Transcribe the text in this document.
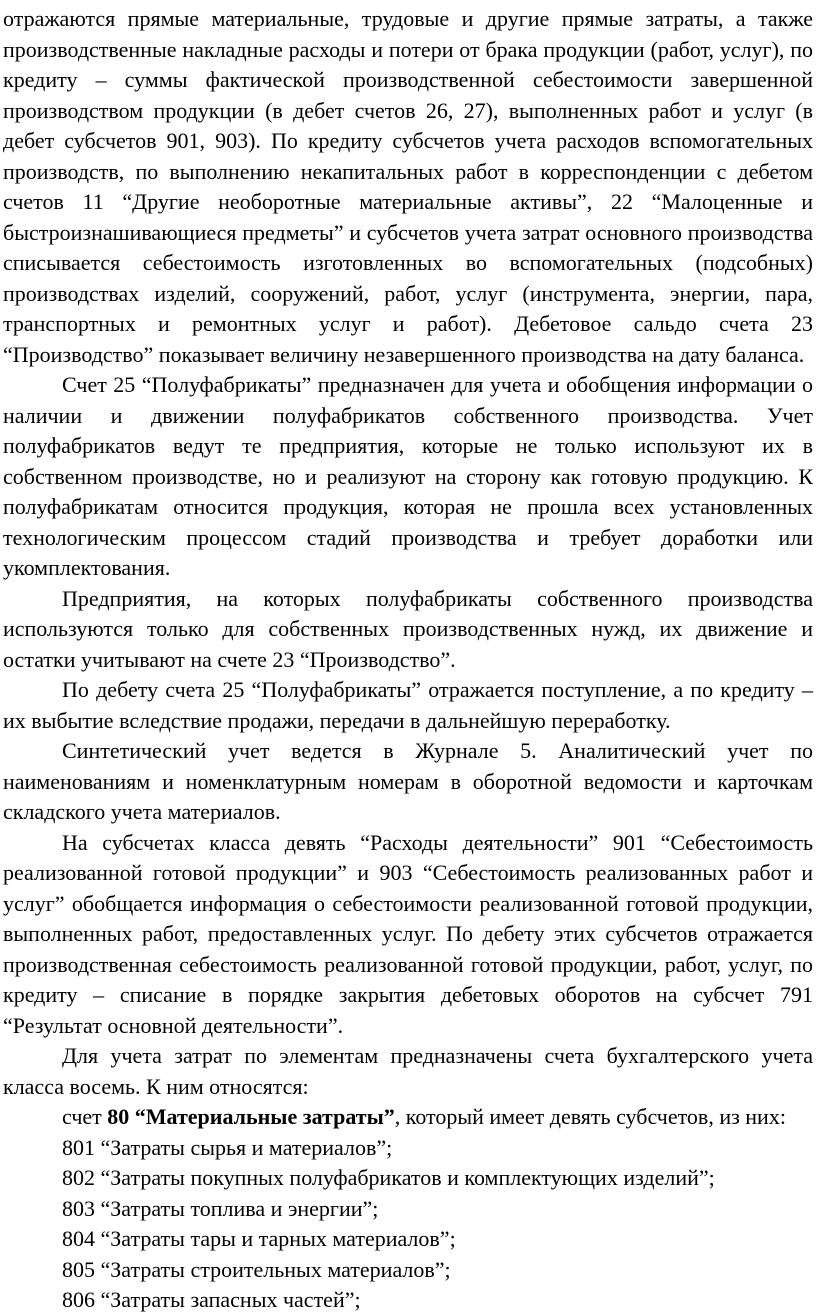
отражаются прямые материальные, трудовые и другие прямые затраты, а также производственные накладные расходы и потери от брака продукции (работ, услуг), по кредиту – суммы фактической производственной себестоимости завершенной производством продукции (в дебет счетов 26, 27), выполненных работ и услуг (в дебет субсчетов 901, 903). По кредиту субсчетов учета расходов вспомогательных производств, по выполнению некапитальных работ в корреспонденции с дебетом счетов 11 “Другие необоротные материальные активы”, 22 “Малоценные и быстроизнашивающиеся предметы” и субсчетов учета затрат основного производства списывается себестоимость изготовленных во вспомогательных (подсобных) производствах изделий, сооружений, работ, услуг (инструмента, энергии, пара, транспортных и ремонтных услуг и работ). Дебетовое сальдо счета 23 “Производство” показывает величину незавершенного производства на дату баланса.

Счет 25 “Полуфабрикаты” предназначен для учета и обобщения информации о наличии и движении полуфабрикатов собственного производства. Учет полуфабрикатов ведут те предприятия, которые не только используют их в собственном производстве, но и реализуют на сторону как готовую продукцию. К полуфабрикатам относится продукция, которая не прошла всех установленных технологическим процессом стадий производства и требует доработки или укомплектования.

Предприятия, на которых полуфабрикаты собственного производства используются только для собственных производственных нужд, их движение и остатки учитывают на счете 23 “Производство”.

По дебету счета 25 “Полуфабрикаты” отражается поступление, а по кредиту – их выбытие вследствие продажи, передачи в дальнейшую переработку.

Синтетический учет ведется в Журнале 5. Аналитический учет по наименованиям и номенклатурным номерам в оборотной ведомости и карточкам складского учета материалов.

На субсчетах класса девять “Расходы деятельности” 901 “Себестоимость реализованной готовой продукции” и 903 “Себестоимость реализованных работ и услуг” обобщается информация о себестоимости реализованной готовой продукции, выполненных работ, предоставленных услуг. По дебету этих субсчетов отражается производственная себестоимость реализованной готовой продукции, работ, услуг, по кредиту – списание в порядке закрытия дебетовых оборотов на субсчет 791 “Результат основной деятельности”.

Для учета затрат по элементам предназначены счета бухгалтерского учета класса восемь. К ним относятся:

счет 80 “Материальные затраты”, который имеет девять субсчетов, из них:

801 “Затраты сырья и материалов”;

802 “Затраты покупных полуфабрикатов и комплектующих изделий”;

803 “Затраты топлива и энергии”;

804 “Затраты тары и тарных материалов”;

805 “Затраты строительных материалов”;

806 “Затраты запасных частей”;
